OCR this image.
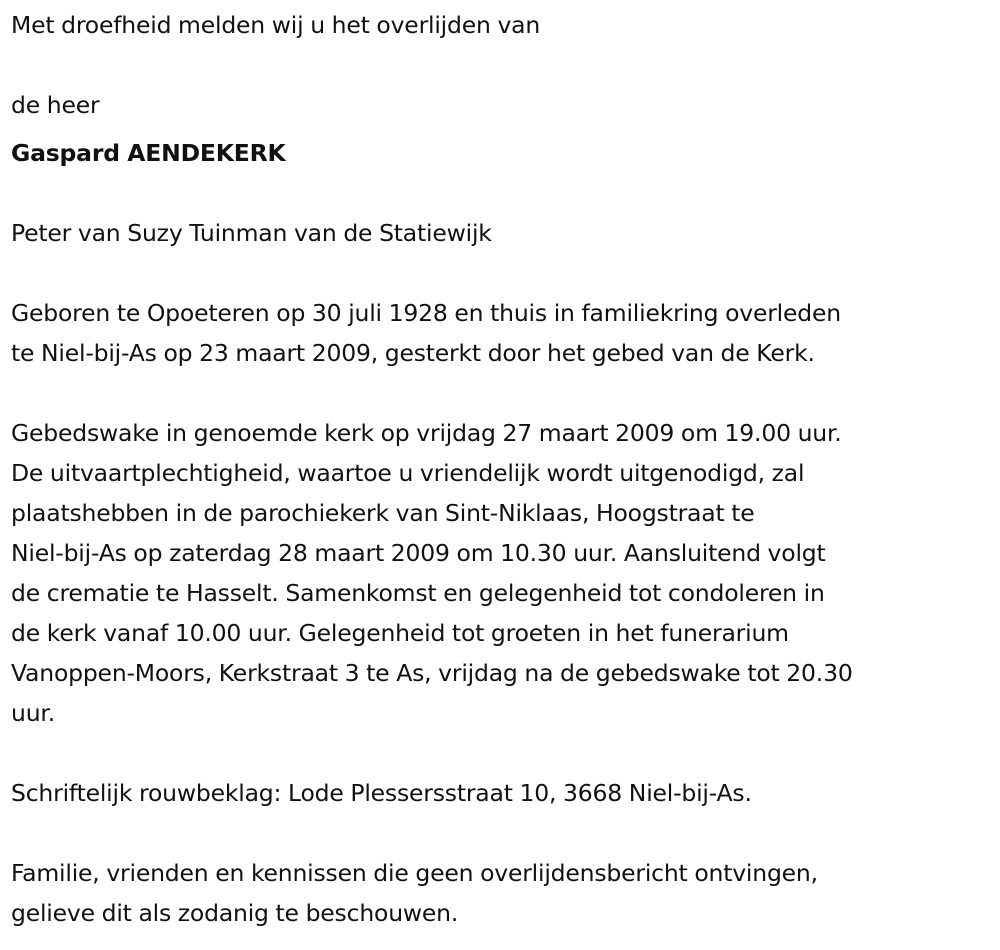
Met droefheid melden wij u het overlijden van
de heer
Gaspard AENDEKERK
Peter van Suzy Tuinman van de Statiewijk
Geboren te Opoeteren op 30 juli 1928 en thuis in familiekring overleden
te Niel-bij-As op 23 maart 2009, gesterkt door het gebed van de Kerk.
Gebedswake in genoemde kerk op vrijdag 27 maart 2009 om 19.00 uur.
De uitvaartplechtigheid, waartoe u vriendelijk wordt uitgenodigd, zal
plaatshebben in de parochiekerk van Sint-Niklaas, Hoogstraat te
Niel-bij-As op zaterdag 28 maart 2009 om 10.30 uur. Aansluitend volgt
de crematie te Hasselt. Samenkomst en gelegenheid tot condoleren in
de kerk vanaf 10.00 uur. Gelegenheid tot groeten in het funerarium
Vanoppen-Moors, Kerkstraat 3 te As, vrijdag na de gebedswake tot 20.30
uur.
Schriftelijk rouwbeklag: Lode Plessersstraat 10, 3668 Niel-bij-As.
Familie, vrienden en kennissen die geen overlijdensbericht ontvingen,
gelieve dit als zodanig te beschouwen.
